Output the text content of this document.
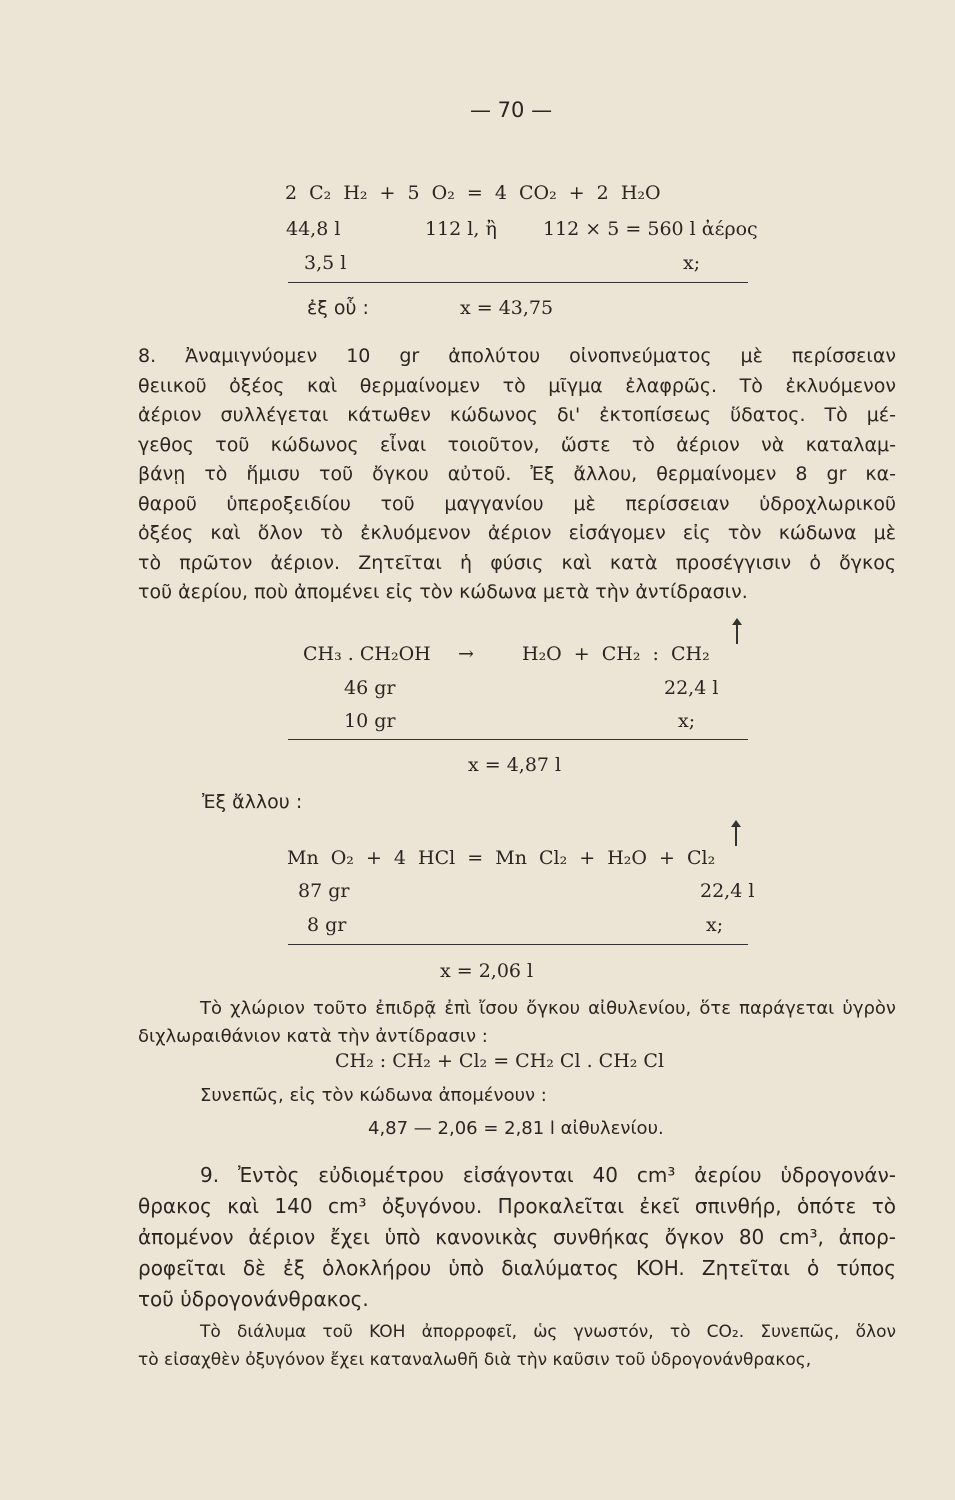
— 70 —
2 C₂ H₂ + 5 O₂ = 4 CO₂ + 2 H₂O
44,8 l	112 l, ἢ 112 × 5 = 560 l ἀέρος
3,5 l	x;
ἐξ οὗ :	x = 43,75
8. Ἀναμιγνύομεν 10 gr ἀπολύτου οἰνοπνεύματος μὲ περίσσειαν
θειικοῦ ὀξέος καὶ θερμαίνομεν τὸ μῖγμα ἐλαφρῶς. Τὸ ἐκλυόμενον
ἀέριον συλλέγεται κάτωθεν κώδωνος δι' ἐκτοπίσεως ὕδατος. Τὸ μέ-
γεθος τοῦ κώδωνος εἶναι τοιοῦτον, ὥστε τὸ ἀέριον νὰ καταλαμ-
βάνῃ τὸ ἥμισυ τοῦ ὄγκου αὐτοῦ. Ἐξ ἄλλου, θερμαίνομεν 8 gr κα-
θαροῦ ὑπεροξειδίου τοῦ μαγγανίου μὲ περίσσειαν ὑδροχλωρικοῦ
ὀξέος καὶ ὅλον τὸ ἐκλυόμενον ἀέριον εἰσάγομεν εἰς τὸν κώδωνα μὲ
τὸ πρῶτον ἀέριον. Ζητεῖται ἡ φύσις καὶ κατὰ προσέγγισιν ὁ ὄγκος
τοῦ ἀερίου, ποὺ ἀπομένει εἰς τὸν κώδωνα μετὰ τὴν ἀντίδρασιν.
CH₃ . CH₂OH →	H₂O + CH₂ : CH₂
46 gr	22,4 l
10 gr	x;
x = 4,87 l
Ἐξ ἄλλου :
Mn O₂ + 4 HCl = Mn Cl₂ + H₂O + Cl₂
87 gr	22,4 l
8 gr	x;
x = 2,06 l
Τὸ χλώριον τοῦτο ἐπιδρᾷ ἐπὶ ἴσου ὄγκου αἰθυλενίου, ὅτε παράγεται ὑγρὸν
διχλωραιθάνιον κατὰ τὴν ἀντίδρασιν :
CH₂ : CH₂ + Cl₂ = CH₂ Cl . CH₂ Cl
Συνεπῶς, εἰς τὸν κώδωνα ἀπομένουν :
4,87 — 2,06 = 2,81 l αἰθυλενίου.
9. Ἐντὸς εὐδιομέτρου εἰσάγονται 40 cm³ ἀερίου ὑδρογονάν-
θρακος καὶ 140 cm³ ὀξυγόνου. Προκαλεῖται ἐκεῖ σπινθήρ, ὁπότε τὸ
ἀπομένον ἀέριον ἔχει ὑπὸ κανονικὰς συνθήκας ὄγκον 80 cm³, ἀπορ-
ροφεῖται δὲ ἐξ ὁλοκλήρου ὑπὸ διαλύματος KOH. Ζητεῖται ὁ τύπος
τοῦ ὑδρογονάνθρακος.
Τὸ διάλυμα τοῦ KOH ἀπορροφεῖ, ὡς γνωστόν, τὸ CO₂. Συνεπῶς, ὅλον
τὸ εἰσαχθὲν ὀξυγόνον ἔχει καταναλωθῆ διὰ τὴν καῦσιν τοῦ ὑδρογονάνθρακος,
